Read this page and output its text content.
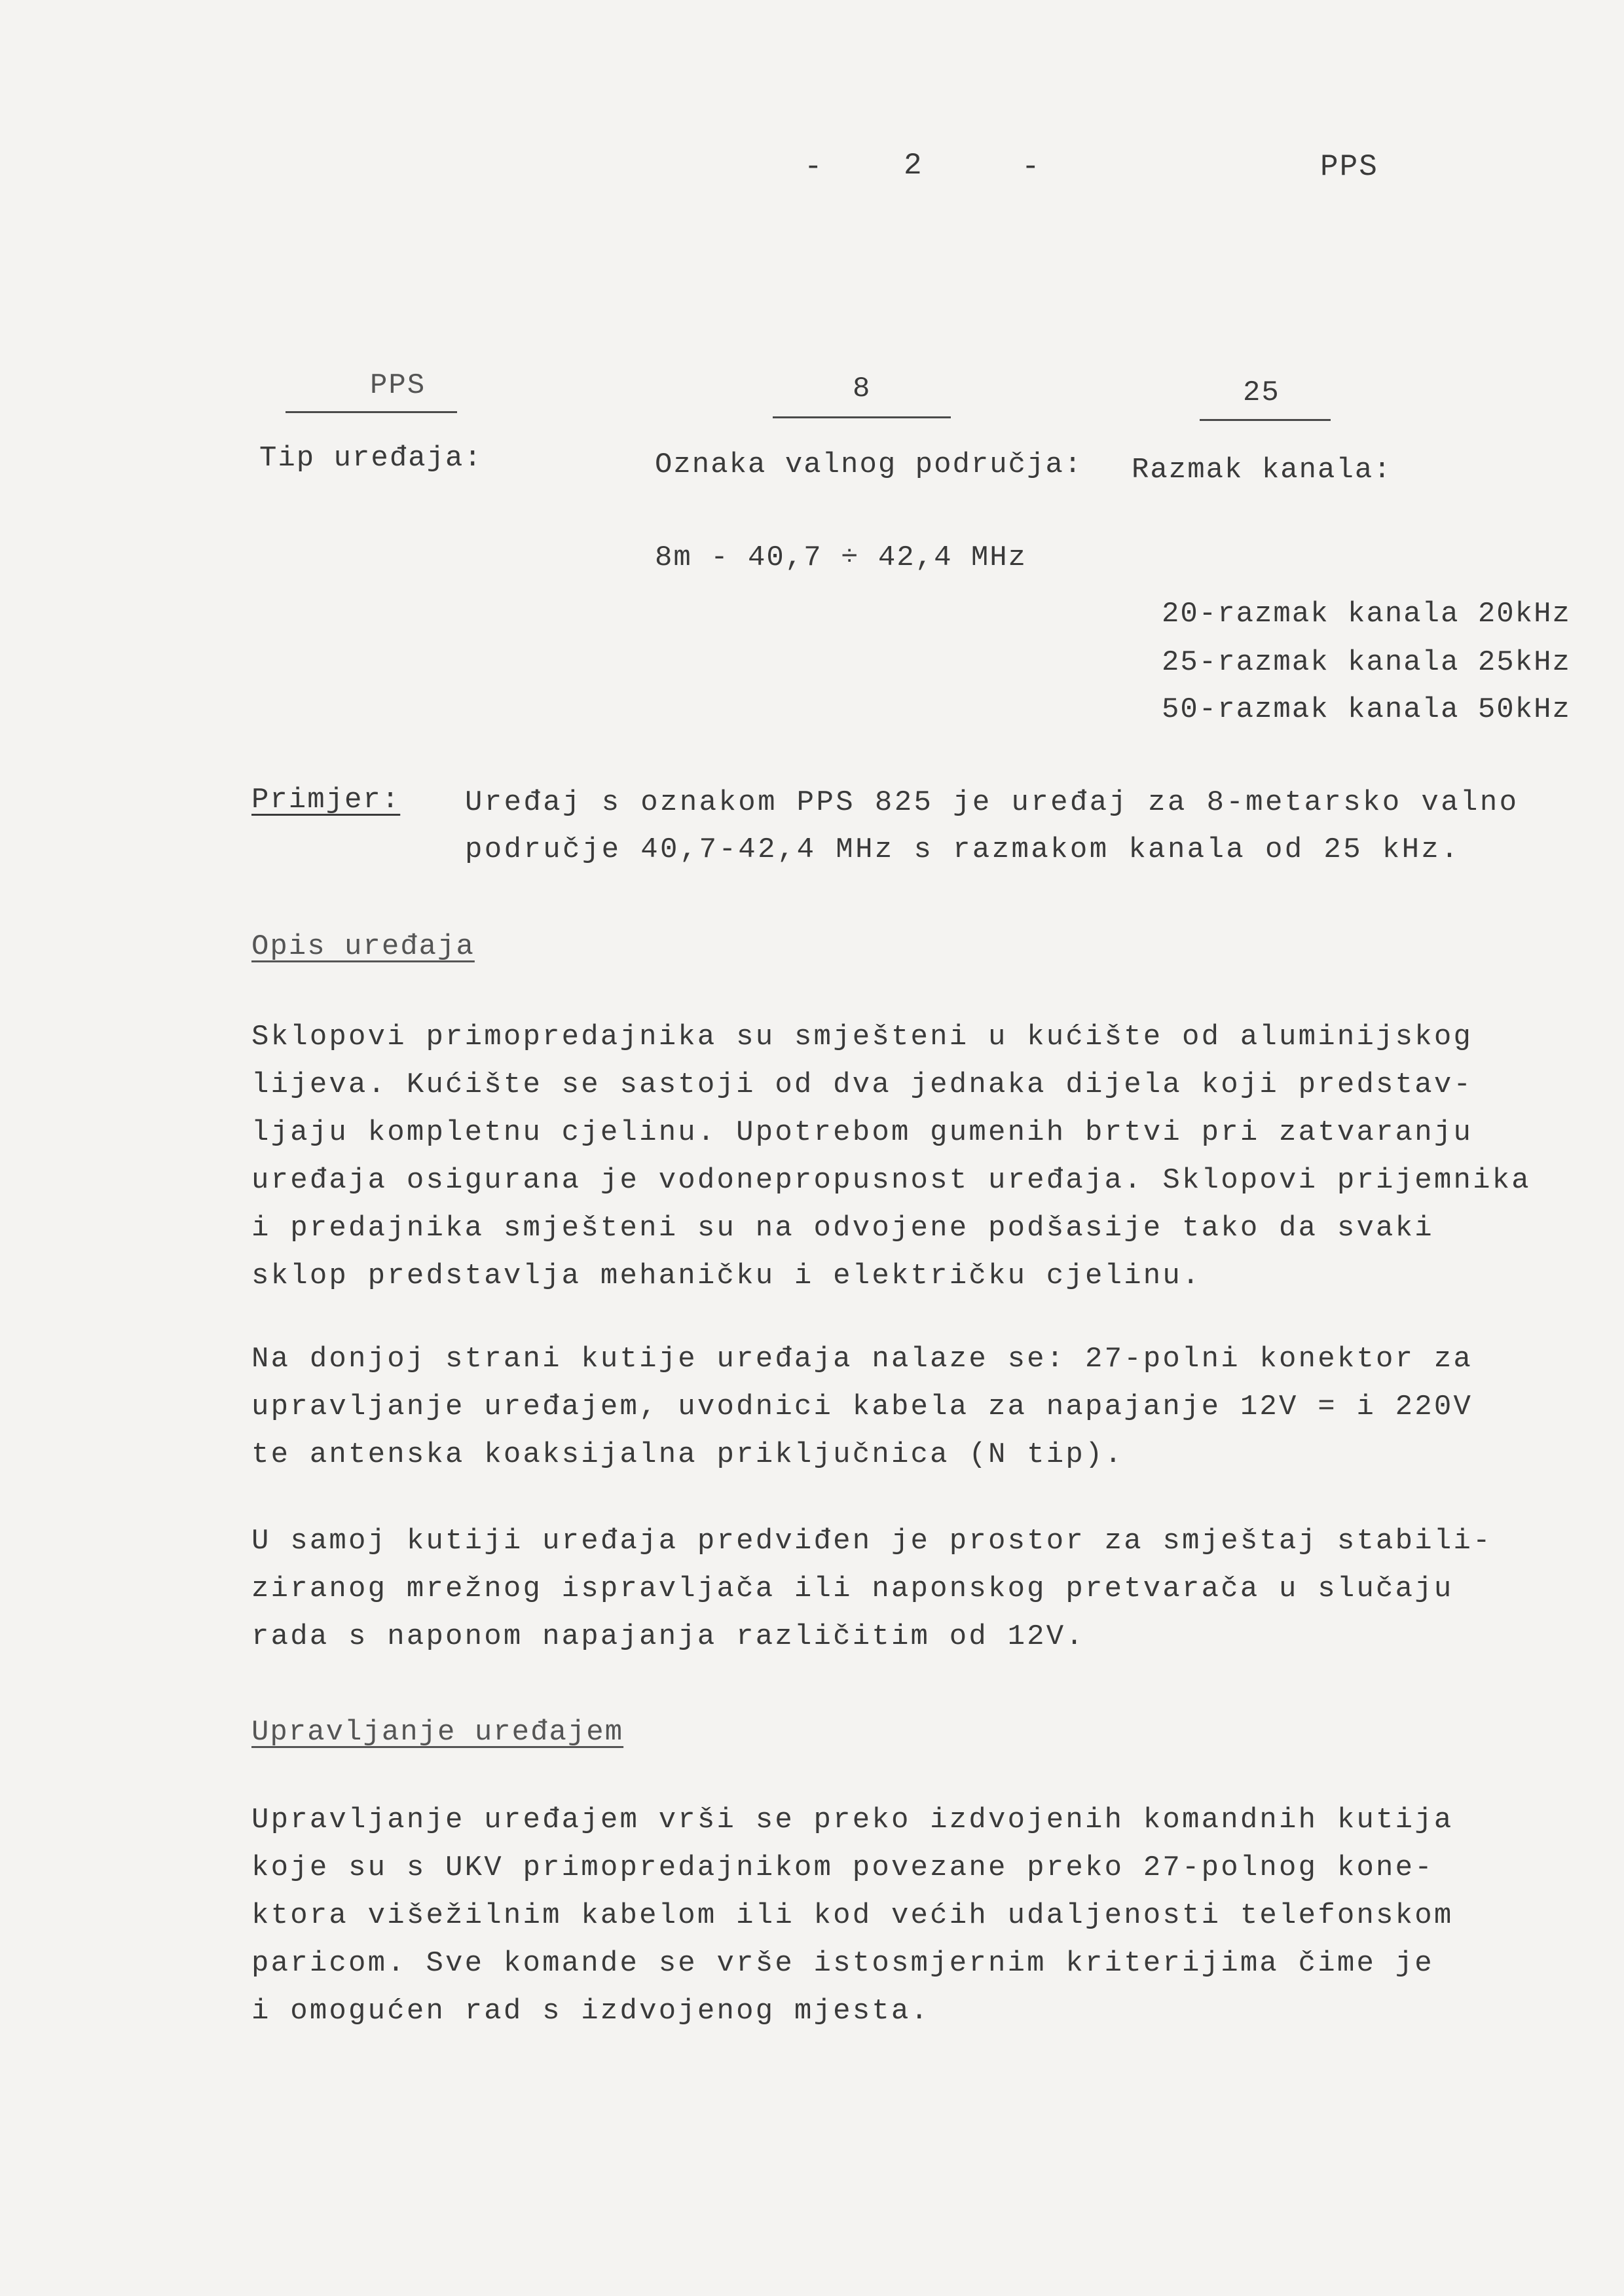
-	2	-	PPS
PPS
Tip uređaja:
8
Oznaka valnog područja:
25
Razmak kanala:
8m - 40,7 ÷ 42,4 MHz
20-razmak kanala 20kHz
25-razmak kanala 25kHz
50-razmak kanala 50kHz
Primjer: Uređaj s oznakom PPS 825 je uređaj za 8-metarsko valno
područje 40,7-42,4 MHz s razmakom kanala od 25 kHz.
Opis uređaja
Sklopovi primopredajnika su smješteni u kućište od aluminijskog
lijeva. Kućište se sastoji od dva jednaka dijela koji predstav-
ljaju kompletnu cjelinu. Upotrebom gumenih brtvi pri zatvaranju
uređaja osigurana je vodonepropusnost uređaja. Sklopovi prijemnika
i predajnika smješteni su na odvojene podšasije tako da svaki
sklop predstavlja mehaničku i električku cjelinu.
Na donjoj strani kutije uređaja nalaze se: 27-polni konektor za
upravljanje uređajem, uvodnici kabela za napajanje 12V = i 220V
te antenska koaksijalna priključnica (N tip).
U samoj kutiji uređaja predviđen je prostor za smještaj stabili-
ziranog mrežnog ispravljača ili naponskog pretvarača u slučaju
rada s naponom napajanja različitim od 12V.
Upravljanje uređajem
Upravljanje uređajem vrši se preko izdvojenih komandnih kutija
koje su s UKV primopredajnikom povezane preko 27-polnog kone-
ktora višežilnim kabelom ili kod većih udaljenosti telefonskom
paricom. Sve komande se vrše istosmjernim kriterijima čime je
i omogućen rad s izdvojenog mjesta.
